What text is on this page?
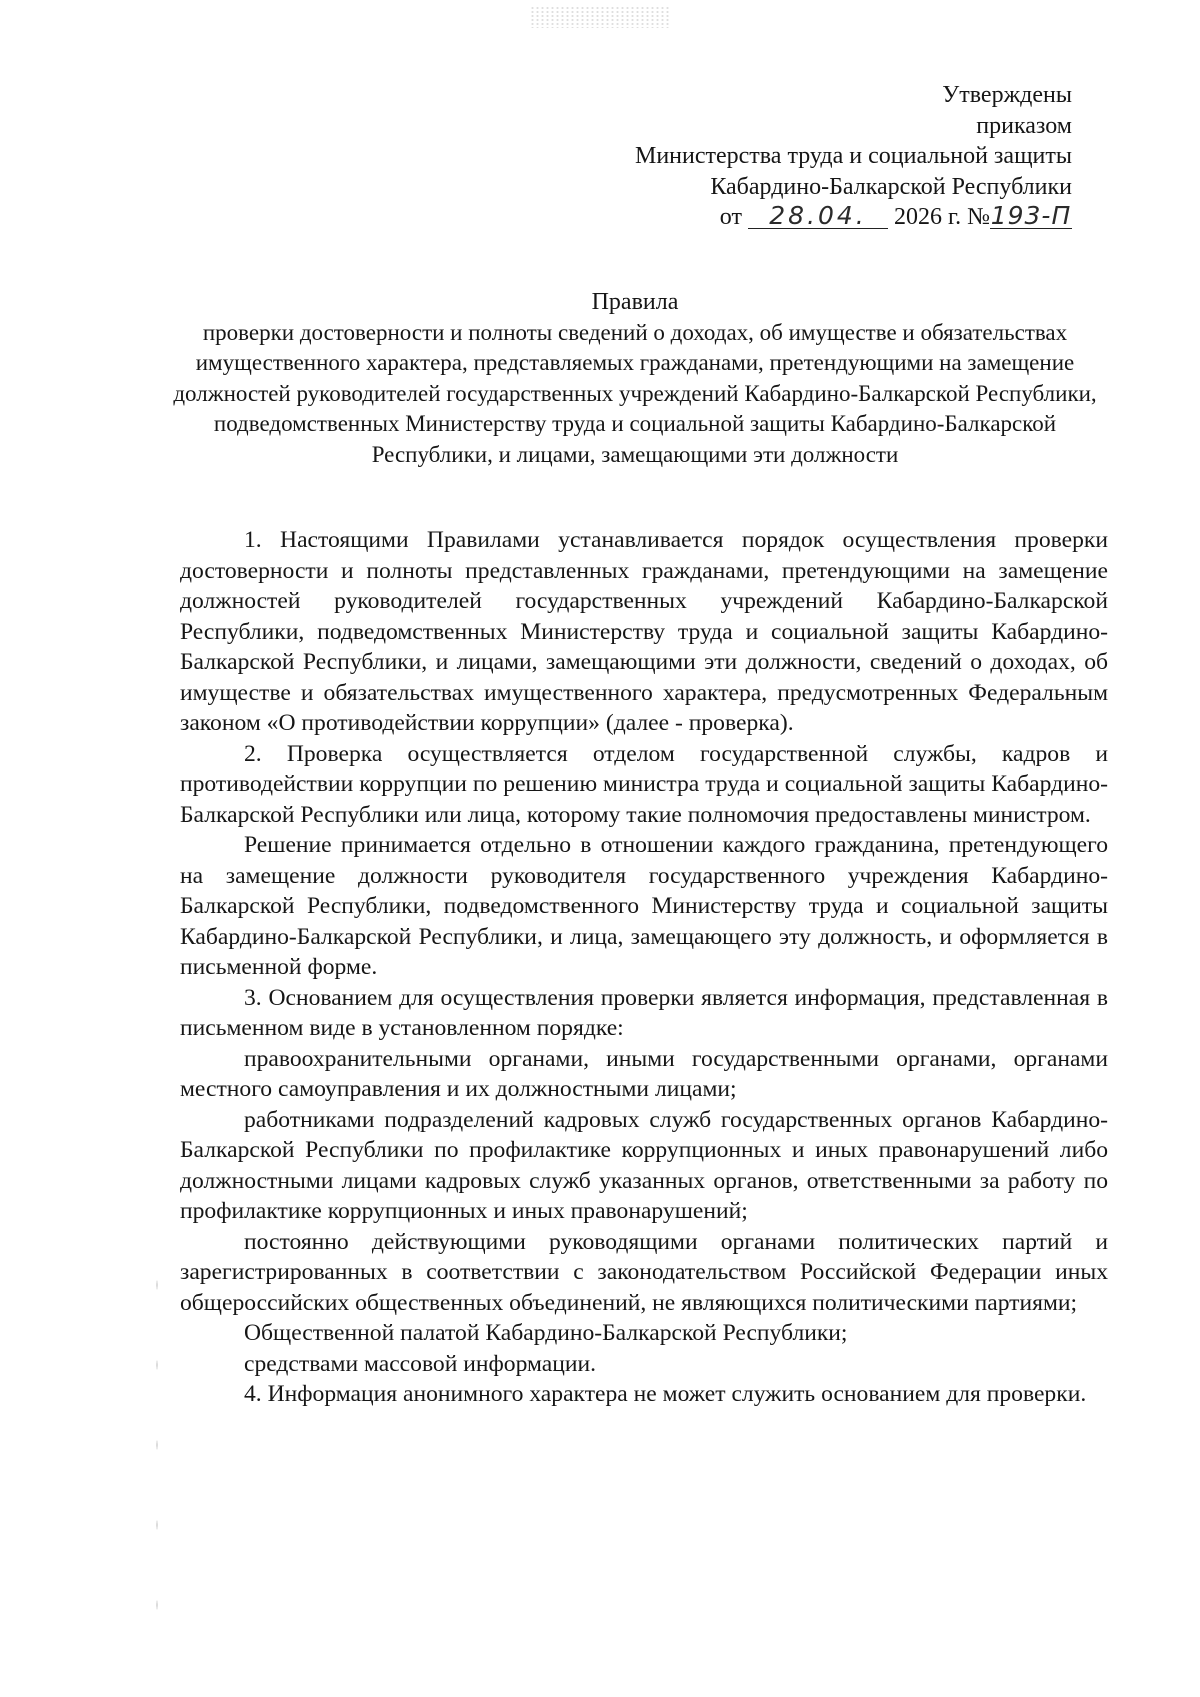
Утверждены
приказом
Министерства труда и социальной защиты
Кабардино-Балкарской Республики
от 28.04. 2026 г. №193-П
Правила
проверки достоверности и полноты сведений о доходах, об имуществе и обязательствах имущественного характера, представляемых гражданами, претендующими на замещение должностей руководителей государственных учреждений Кабардино-Балкарской Республики, подведомственных Министерству труда и социальной защиты Кабардино-Балкарской Республики, и лицами, замещающими эти должности

1. Настоящими Правилами устанавливается порядок осуществления проверки достоверности и полноты представленных гражданами, претендующими на замещение должностей руководителей государственных учреждений Кабардино-Балкарской Республики, подведомственных Министерству труда и социальной защиты Кабардино-Балкарской Республики, и лицами, замещающими эти должности, сведений о доходах, об имуществе и обязательствах имущественного характера, предусмотренных Федеральным законом «О противодействии коррупции» (далее - проверка).

2. Проверка осуществляется отделом государственной службы, кадров и противодействии коррупции по решению министра труда и социальной защиты Кабардино-Балкарской Республики или лица, которому такие полномочия предоставлены министром.

Решение принимается отдельно в отношении каждого гражданина, претендующего на замещение должности руководителя государственного учреждения Кабардино-Балкарской Республики, подведомственного Министерству труда и социальной защиты Кабардино-Балкарской Республики, и лица, замещающего эту должность, и оформляется в письменной форме.

3. Основанием для осуществления проверки является информация, представленная в письменном виде в установленном порядке:

правоохранительными органами, иными государственными органами, органами местного самоуправления и их должностными лицами;

работниками подразделений кадровых служб государственных органов Кабардино-Балкарской Республики по профилактике коррупционных и иных правонарушений либо должностными лицами кадровых служб указанных органов, ответственными за работу по профилактике коррупционных и иных правонарушений;

постоянно действующими руководящими органами политических партий и зарегистрированных в соответствии с законодательством Российской Федерации иных общероссийских общественных объединений, не являющихся политическими партиями;

Общественной палатой Кабардино-Балкарской Республики;

средствами массовой информации.

4. Информация анонимного характера не может служить основанием для проверки.
